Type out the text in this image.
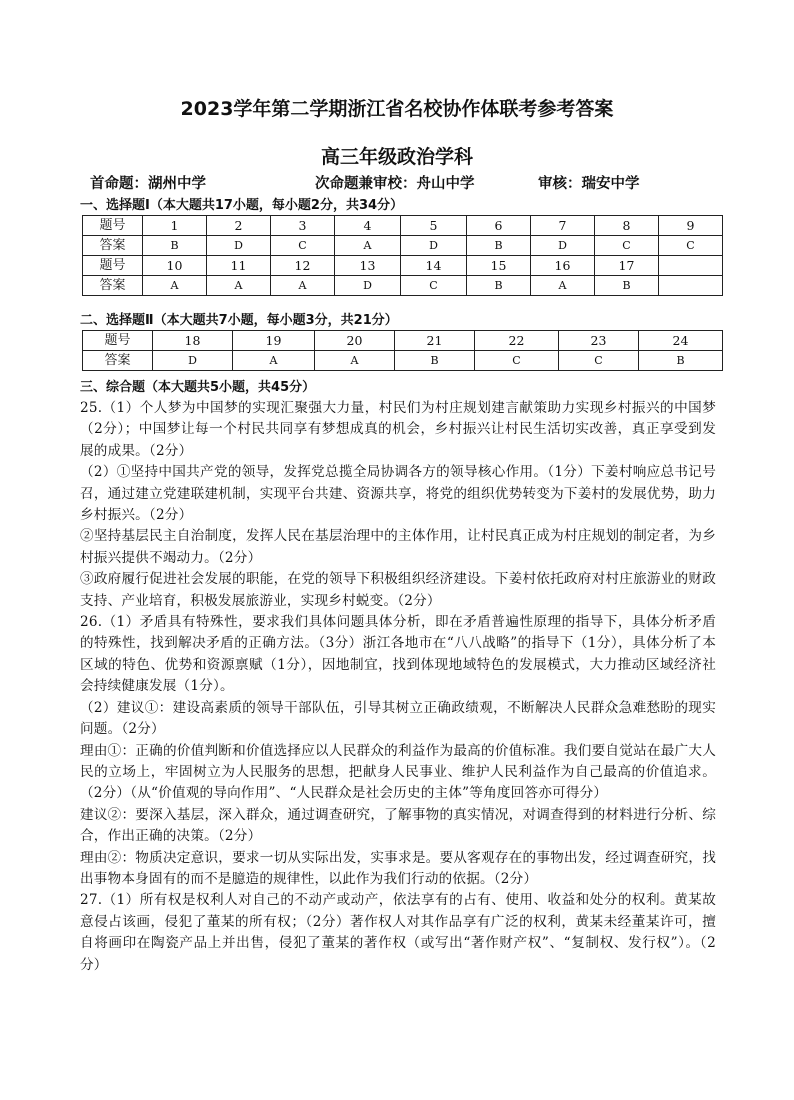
2023学年第二学期浙江省名校协作体联考参考答案
高三年级政治学科
首命题：湖州中学	次命题兼审校：舟山中学	审核：瑞安中学
一、选择题Ⅰ（本大题共17小题，每小题2分，共34分）
题号	1	2	3	4	5	6	7	8	9
答案	B	D	C	A	D	B	D	C	C
题号	10	11	12	13	14	15	16	17	
答案	A	A	A	D	C	B	A	B	
二、选择题Ⅱ（本大题共7小题，每小题3分，共21分）
题号	18	19	20	21	22	23	24
答案	D	A	A	B	C	C	B
三、综合题（本大题共5小题，共45分）

25.（1）个人梦为中国梦的实现汇聚强大力量，村民们为村庄规划建言献策助力实现乡村振兴的中国梦（2分）；中国梦让每一个村民共同享有梦想成真的机会，乡村振兴让村民生活切实改善，真正享受到发展的成果。（2分）

（2）①坚持中国共产党的领导，发挥党总揽全局协调各方的领导核心作用。（1分）下姜村响应总书记号召，通过建立党建联建机制，实现平台共建、资源共享，将党的组织优势转变为下姜村的发展优势，助力乡村振兴。（2分）

②坚持基层民主自治制度，发挥人民在基层治理中的主体作用，让村民真正成为村庄规划的制定者，为乡村振兴提供不竭动力。（2分）

③政府履行促进社会发展的职能，在党的领导下积极组织经济建设。下姜村依托政府对村庄旅游业的财政支持、产业培育，积极发展旅游业，实现乡村蜕变。（2分）

26.（1）矛盾具有特殊性，要求我们具体问题具体分析，即在矛盾普遍性原理的指导下，具体分析矛盾的特殊性，找到解决矛盾的正确方法。（3分）浙江各地市在“八八战略”的指导下（1分），具体分析了本区域的特色、优势和资源禀赋（1分），因地制宜，找到体现地域特色的发展模式，大力推动区域经济社会持续健康发展（1分）。

（2）建议①：建设高素质的领导干部队伍，引导其树立正确政绩观，不断解决人民群众急难愁盼的现实问题。（2分）

理由①：正确的价值判断和价值选择应以人民群众的利益作为最高的价值标准。我们要自觉站在最广大人民的立场上，牢固树立为人民服务的思想，把献身人民事业、维护人民利益作为自己最高的价值追求。（2分）（从“价值观的导向作用”、“人民群众是社会历史的主体”等角度回答亦可得分）

建议②：要深入基层，深入群众，通过调查研究，了解事物的真实情况，对调查得到的材料进行分析、综合，作出正确的决策。（2分）

理由②：物质决定意识，要求一切从实际出发，实事求是。要从客观存在的事物出发，经过调查研究，找出事物本身固有的而不是臆造的规律性，以此作为我们行动的依据。（2分）

27.（1）所有权是权利人对自己的不动产或动产，依法享有的占有、使用、收益和处分的权利。黄某故意侵占该画，侵犯了董某的所有权；（2分）著作权人对其作品享有广泛的权利，黄某未经董某许可，擅自将画印在陶瓷产品上并出售，侵犯了董某的著作权（或写出“著作财产权”、“复制权、发行权”）。（2分）
